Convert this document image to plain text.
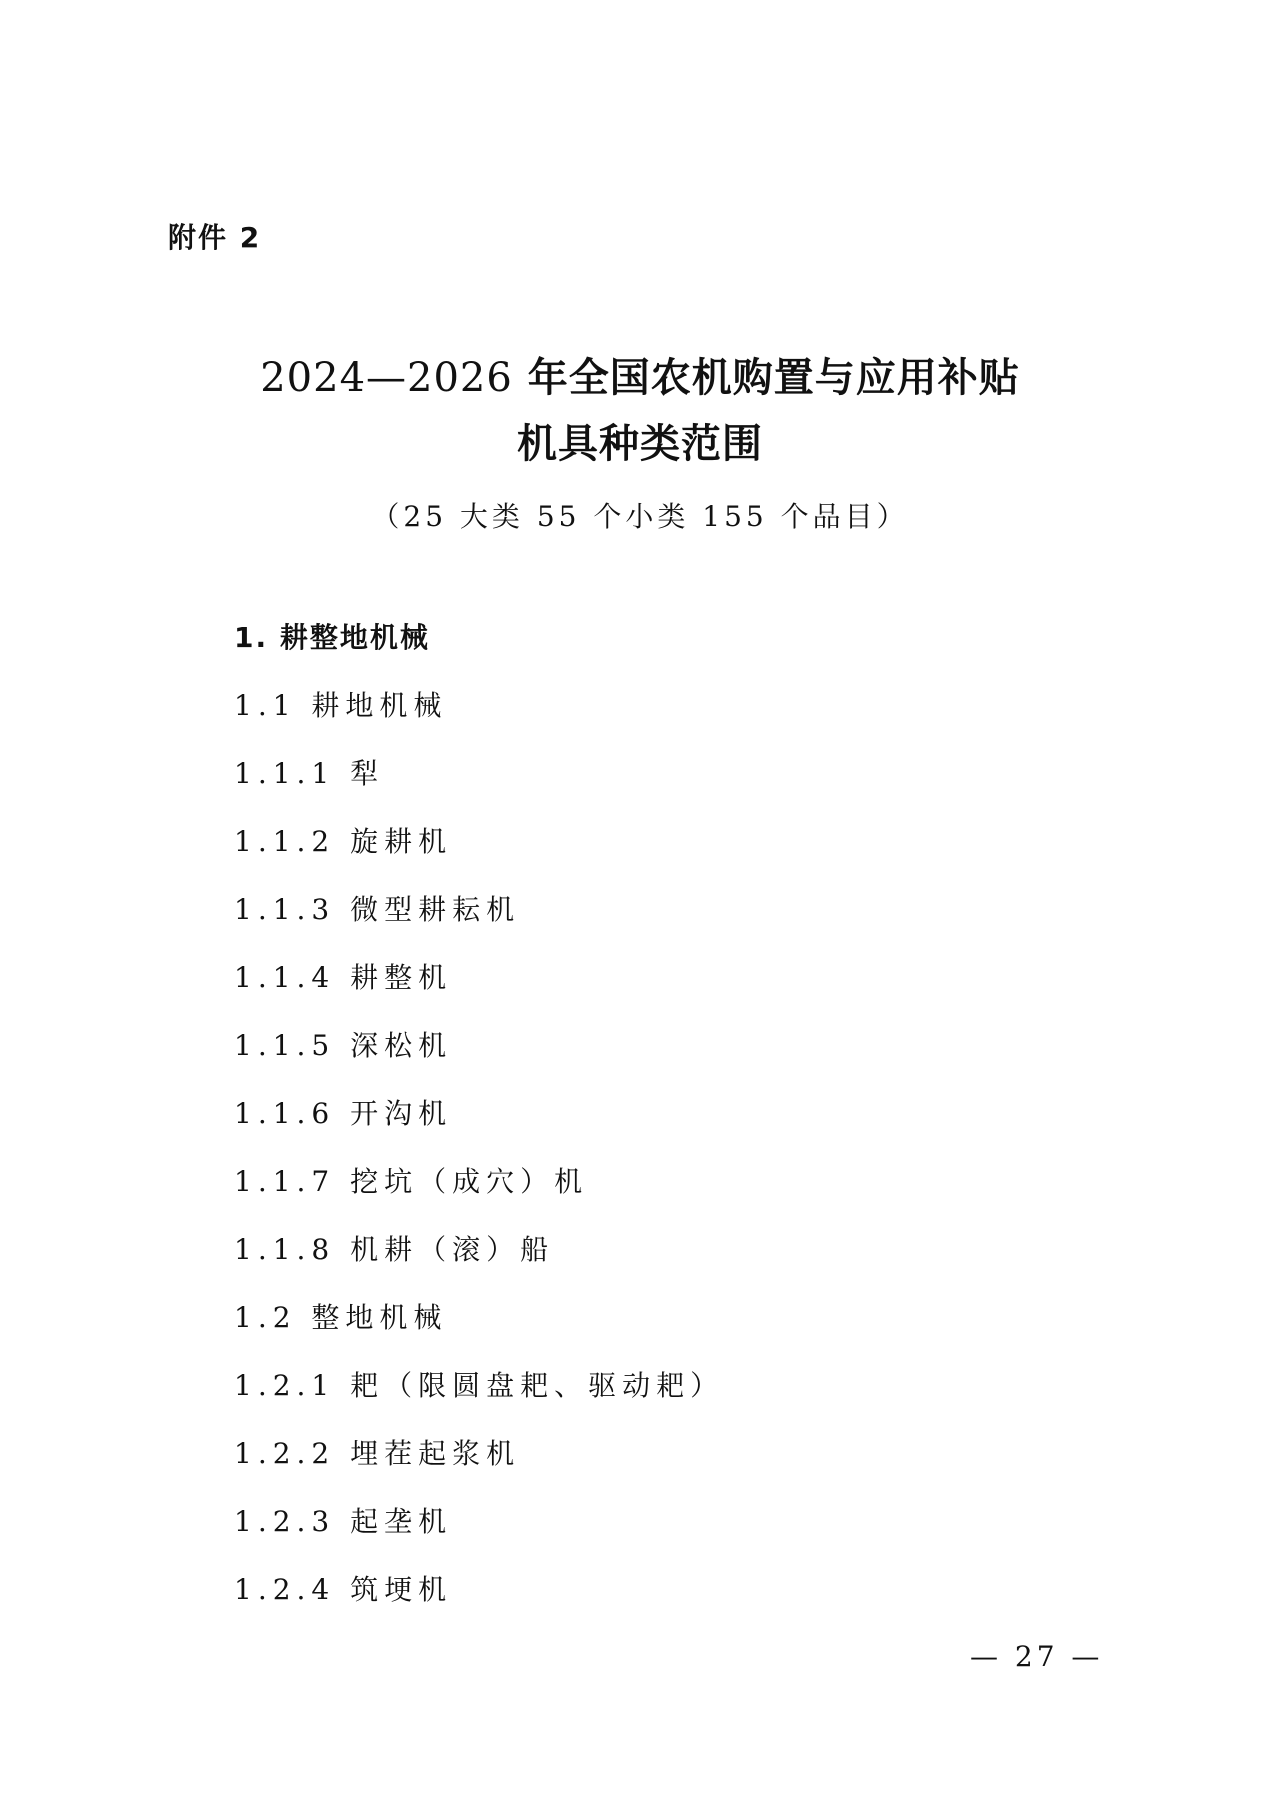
附件 2
2024—2026 年全国农机购置与应用补贴
机具种类范围
（25 大类 55 个小类 155 个品目）
1. 耕整地机械
1.1 耕地机械
1.1.1 犁
1.1.2 旋耕机
1.1.3 微型耕耘机
1.1.4 耕整机
1.1.5 深松机
1.1.6 开沟机
1.1.7 挖坑（成穴）机
1.1.8 机耕（滚）船
1.2 整地机械
1.2.1 耙（限圆盘耙、驱动耙）
1.2.2 埋茬起浆机
1.2.3 起垄机
1.2.4 筑埂机
— 27 —
